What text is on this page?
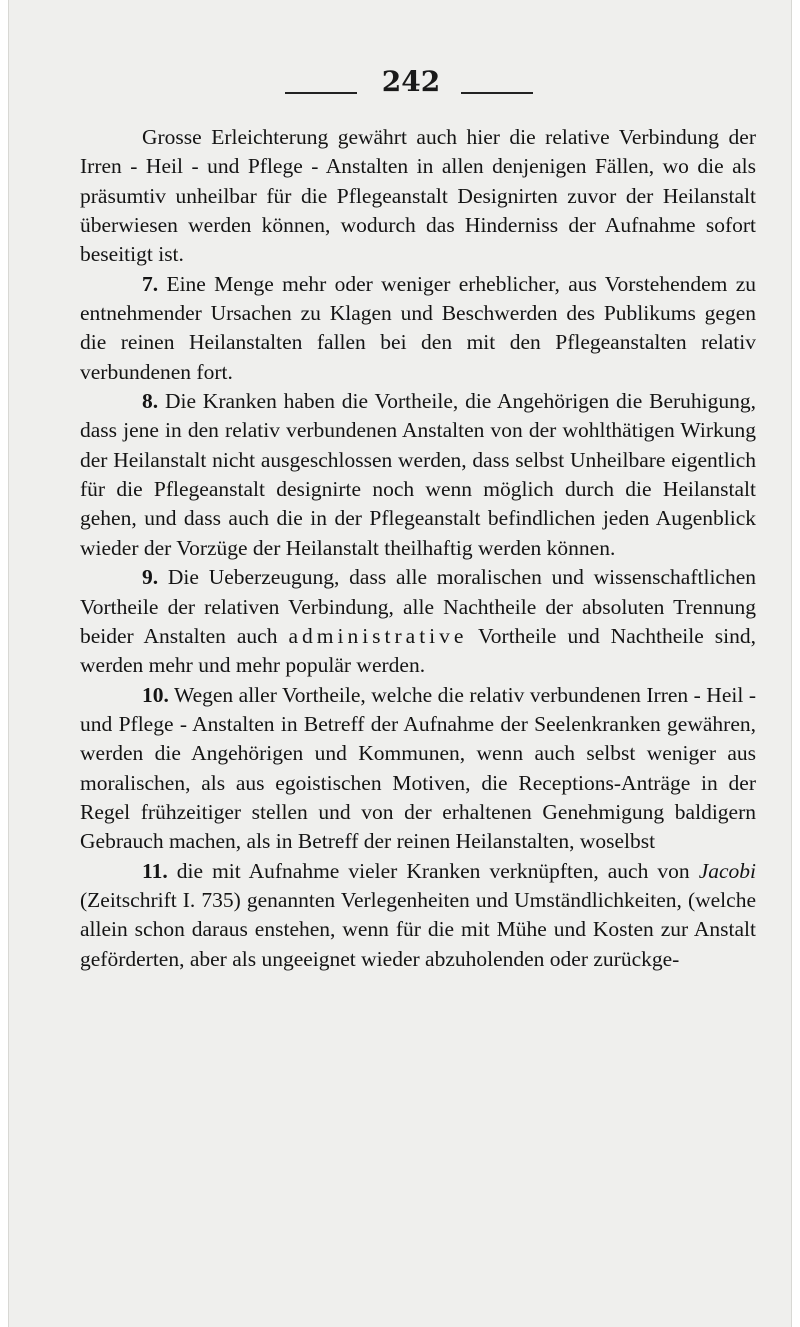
242

Grosse Erleichterung gewährt auch hier die relative Verbindung der Irren - Heil - und Pflege - Anstalten in allen denjenigen Fällen, wo die als präsumtiv unheilbar für die Pflegeanstalt Designirten zuvor der Heilanstalt überwiesen werden können, wodurch das Hinderniss der Aufnahme sofort beseitigt ist.

7. Eine Menge mehr oder weniger erheblicher, aus Vorstehendem zu entnehmender Ursachen zu Klagen und Beschwerden des Publikums gegen die reinen Heilanstalten fallen bei den mit den Pflegeanstalten relativ verbundenen fort.

8. Die Kranken haben die Vortheile, die Angehörigen die Beruhigung, dass jene in den relativ verbundenen Anstalten von der wohlthätigen Wirkung der Heilanstalt nicht ausgeschlossen werden, dass selbst Unheilbare eigentlich für die Pflegeanstalt designirte noch wenn möglich durch die Heilanstalt gehen, und dass auch die in der Pflegeanstalt befindlichen jeden Augenblick wieder der Vorzüge der Heilanstalt theilhaftig werden können.

9. Die Ueberzeugung, dass alle moralischen und wissenschaftlichen Vortheile der relativen Verbindung, alle Nachtheile der absoluten Trennung beider Anstalten auch administrative Vortheile und Nachtheile sind, werden mehr und mehr populär werden.

10. Wegen aller Vortheile, welche die relativ verbundenen Irren - Heil - und Pflege - Anstalten in Betreff der Aufnahme der Seelenkranken gewähren, werden die Angehörigen und Kommunen, wenn auch selbst weniger aus moralischen, als aus egoistischen Motiven, die Receptions-Anträge in der Regel frühzeitiger stellen und von der erhaltenen Genehmigung baldigern Gebrauch machen, als in Betreff der reinen Heilanstalten, woselbst

11. die mit Aufnahme vieler Kranken verknüpften, auch von Jacobi (Zeitschrift I. 735) genannten Verlegenheiten und Umständlichkeiten, (welche allein schon daraus enstehen, wenn für die mit Mühe und Kosten zur Anstalt geförderten, aber als ungeeignet wieder abzuholenden oder zurückge-
